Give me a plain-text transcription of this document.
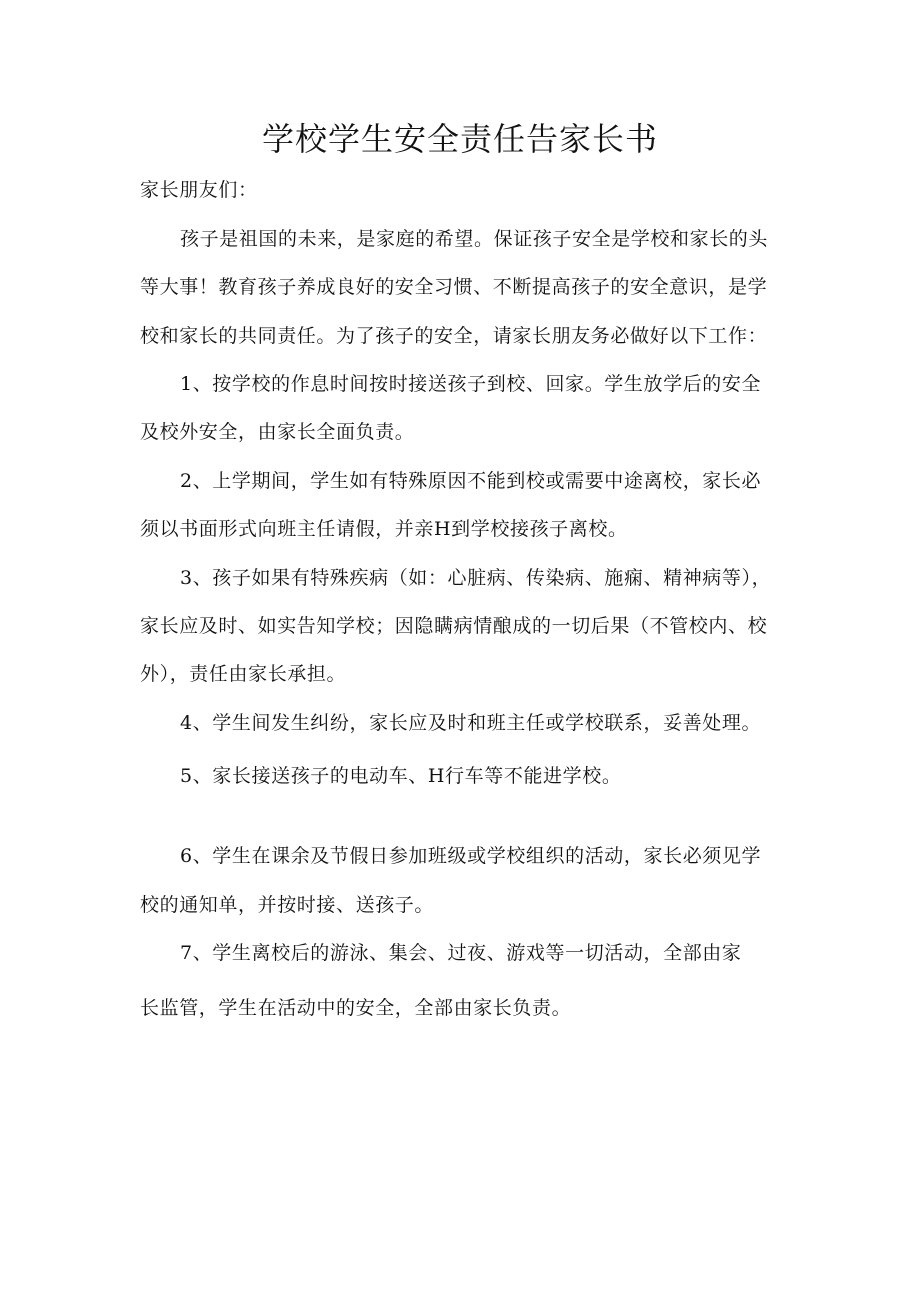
学校学生安全责任告家长书
家长朋友们：
孩子是祖国的未来，是家庭的希望。保证孩子安全是学校和家长的头
等大事！教育孩子养成良好的安全习惯、不断提高孩子的安全意识，是学
校和家长的共同责任。为了孩子的安全，请家长朋友务必做好以下工作：
1、按学校的作息时间按时接送孩子到校、回家。学生放学后的安全
及校外安全，由家长全面负责。
2、上学期间，学生如有特殊原因不能到校或需要中途离校，家长必
须以书面形式向班主任请假，并亲H到学校接孩子离校。
3、孩子如果有特殊疾病（如：心脏病、传染病、施痫、精神病等），
家长应及时、如实告知学校；因隐瞒病情酿成的一切后果（不管校内、校
外），责任由家长承担。
4、学生间发生纠纷，家长应及时和班主任或学校联系，妥善处理。
5、家长接送孩子的电动车、H行车等不能进学校。
6、学生在课余及节假日参加班级或学校组织的活动，家长必须见学
校的通知单，并按时接、送孩子。
7、学生离校后的游泳、集会、过夜、游戏等一切活动，全部由家
长监管，学生在活动中的安全，全部由家长负责。
